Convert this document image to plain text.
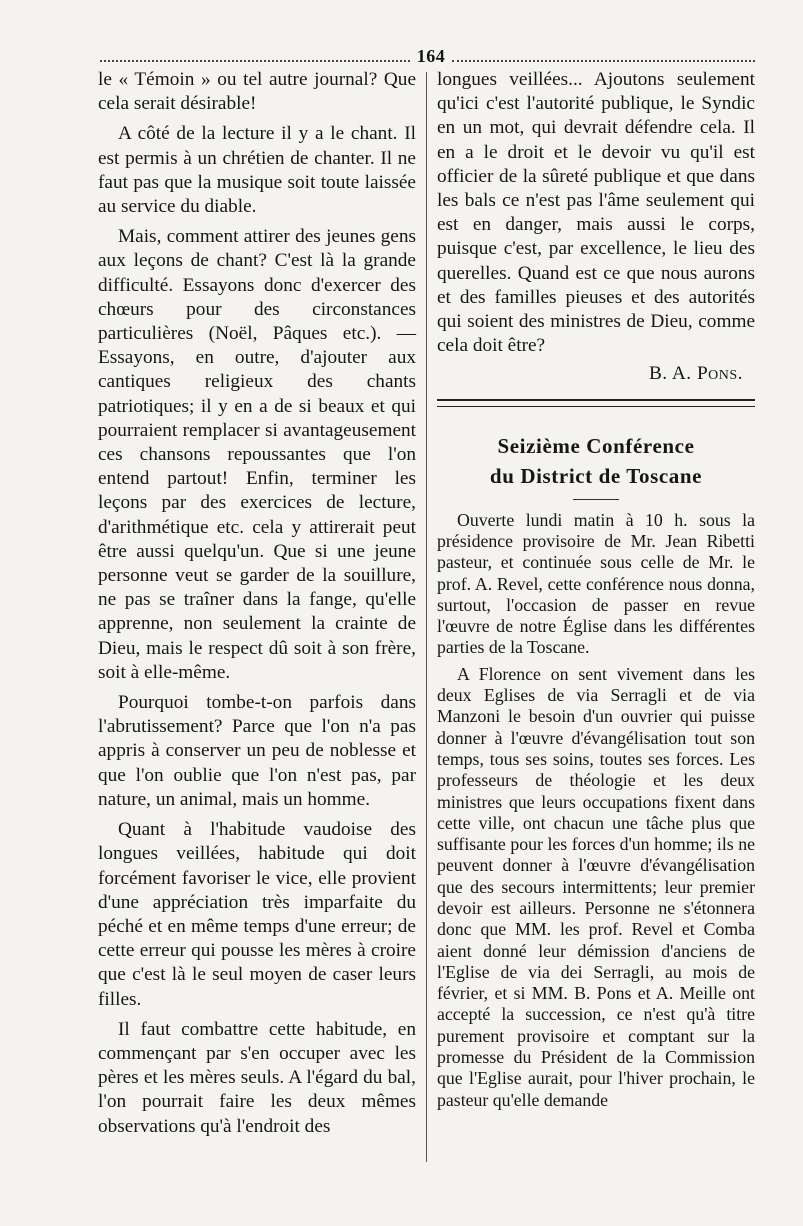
164

le « Témoin » ou tel autre journal? Que cela serait désirable!

A côté de la lecture il y a le chant. Il est permis à un chrétien de chanter. Il ne faut pas que la musique soit toute laissée au service du diable.

Mais, comment attirer des jeunes gens aux leçons de chant? C'est là la grande difficulté. Essayons donc d'exercer des chœurs pour des circonstances particulières (Noël, Pâques etc.). — Essayons, en outre, d'ajouter aux cantiques religieux des chants patriotiques; il y en a de si beaux et qui pourraient remplacer si avantageusement ces chansons repoussantes que l'on entend partout! Enfin, terminer les leçons par des exercices de lecture, d'arithmétique etc. cela y attirerait peut être aussi quelqu'un. Que si une jeune personne veut se garder de la souillure, ne pas se traîner dans la fange, qu'elle apprenne, non seulement la crainte de Dieu, mais le respect dû soit à son frère, soit à elle-même.

Pourquoi tombe-t-on parfois dans l'abrutissement? Parce que l'on n'a pas appris à conserver un peu de noblesse et que l'on oublie que l'on n'est pas, par nature, un animal, mais un homme.

Quant à l'habitude vaudoise des longues veillées, habitude qui doit forcément favoriser le vice, elle provient d'une appréciation très imparfaite du péché et en même temps d'une erreur; de cette erreur qui pousse les mères à croire que c'est là le seul moyen de caser leurs filles.

Il faut combattre cette habitude, en commençant par s'en occuper avec les pères et les mères seuls. A l'égard du bal, l'on pourrait faire les deux mêmes observations qu'à l'endroit des

longues veillées... Ajoutons seulement qu'ici c'est l'autorité publique, le Syndic en un mot, qui devrait défendre cela. Il en a le droit et le devoir vu qu'il est officier de la sûreté publique et que dans les bals ce n'est pas l'âme seulement qui est en danger, mais aussi le corps, puisque c'est, par excellence, le lieu des querelles. Quand est ce que nous aurons et des familles pieuses et des autorités qui soient des ministres de Dieu, comme cela doit être?

B. A. Pons.

Seizième Conférence
du District de Toscane

Ouverte lundi matin à 10 h. sous la présidence provisoire de Mr. Jean Ribetti pasteur, et continuée sous celle de Mr. le prof. A. Revel, cette conférence nous donna, surtout, l'occasion de passer en revue l'œuvre de notre Église dans les différentes parties de la Toscane.

A Florence on sent vivement dans les deux Eglises de via Serragli et de via Manzoni le besoin d'un ouvrier qui puisse donner à l'œuvre d'évangélisation tout son temps, tous ses soins, toutes ses forces. Les professeurs de théologie et les deux ministres que leurs occupations fixent dans cette ville, ont chacun une tâche plus que suffisante pour les forces d'un homme; ils ne peuvent donner à l'œuvre d'évangélisation que des secours intermittents; leur premier devoir est ailleurs. Personne ne s'étonnera donc que MM. les prof. Revel et Comba aient donné leur démission d'anciens de l'Eglise de via dei Serragli, au mois de février, et si MM. B. Pons et A. Meille ont accepté la succession, ce n'est qu'à titre purement provisoire et comptant sur la promesse du Président de la Commission que l'Eglise aurait, pour l'hiver prochain, le pasteur qu'elle demande
